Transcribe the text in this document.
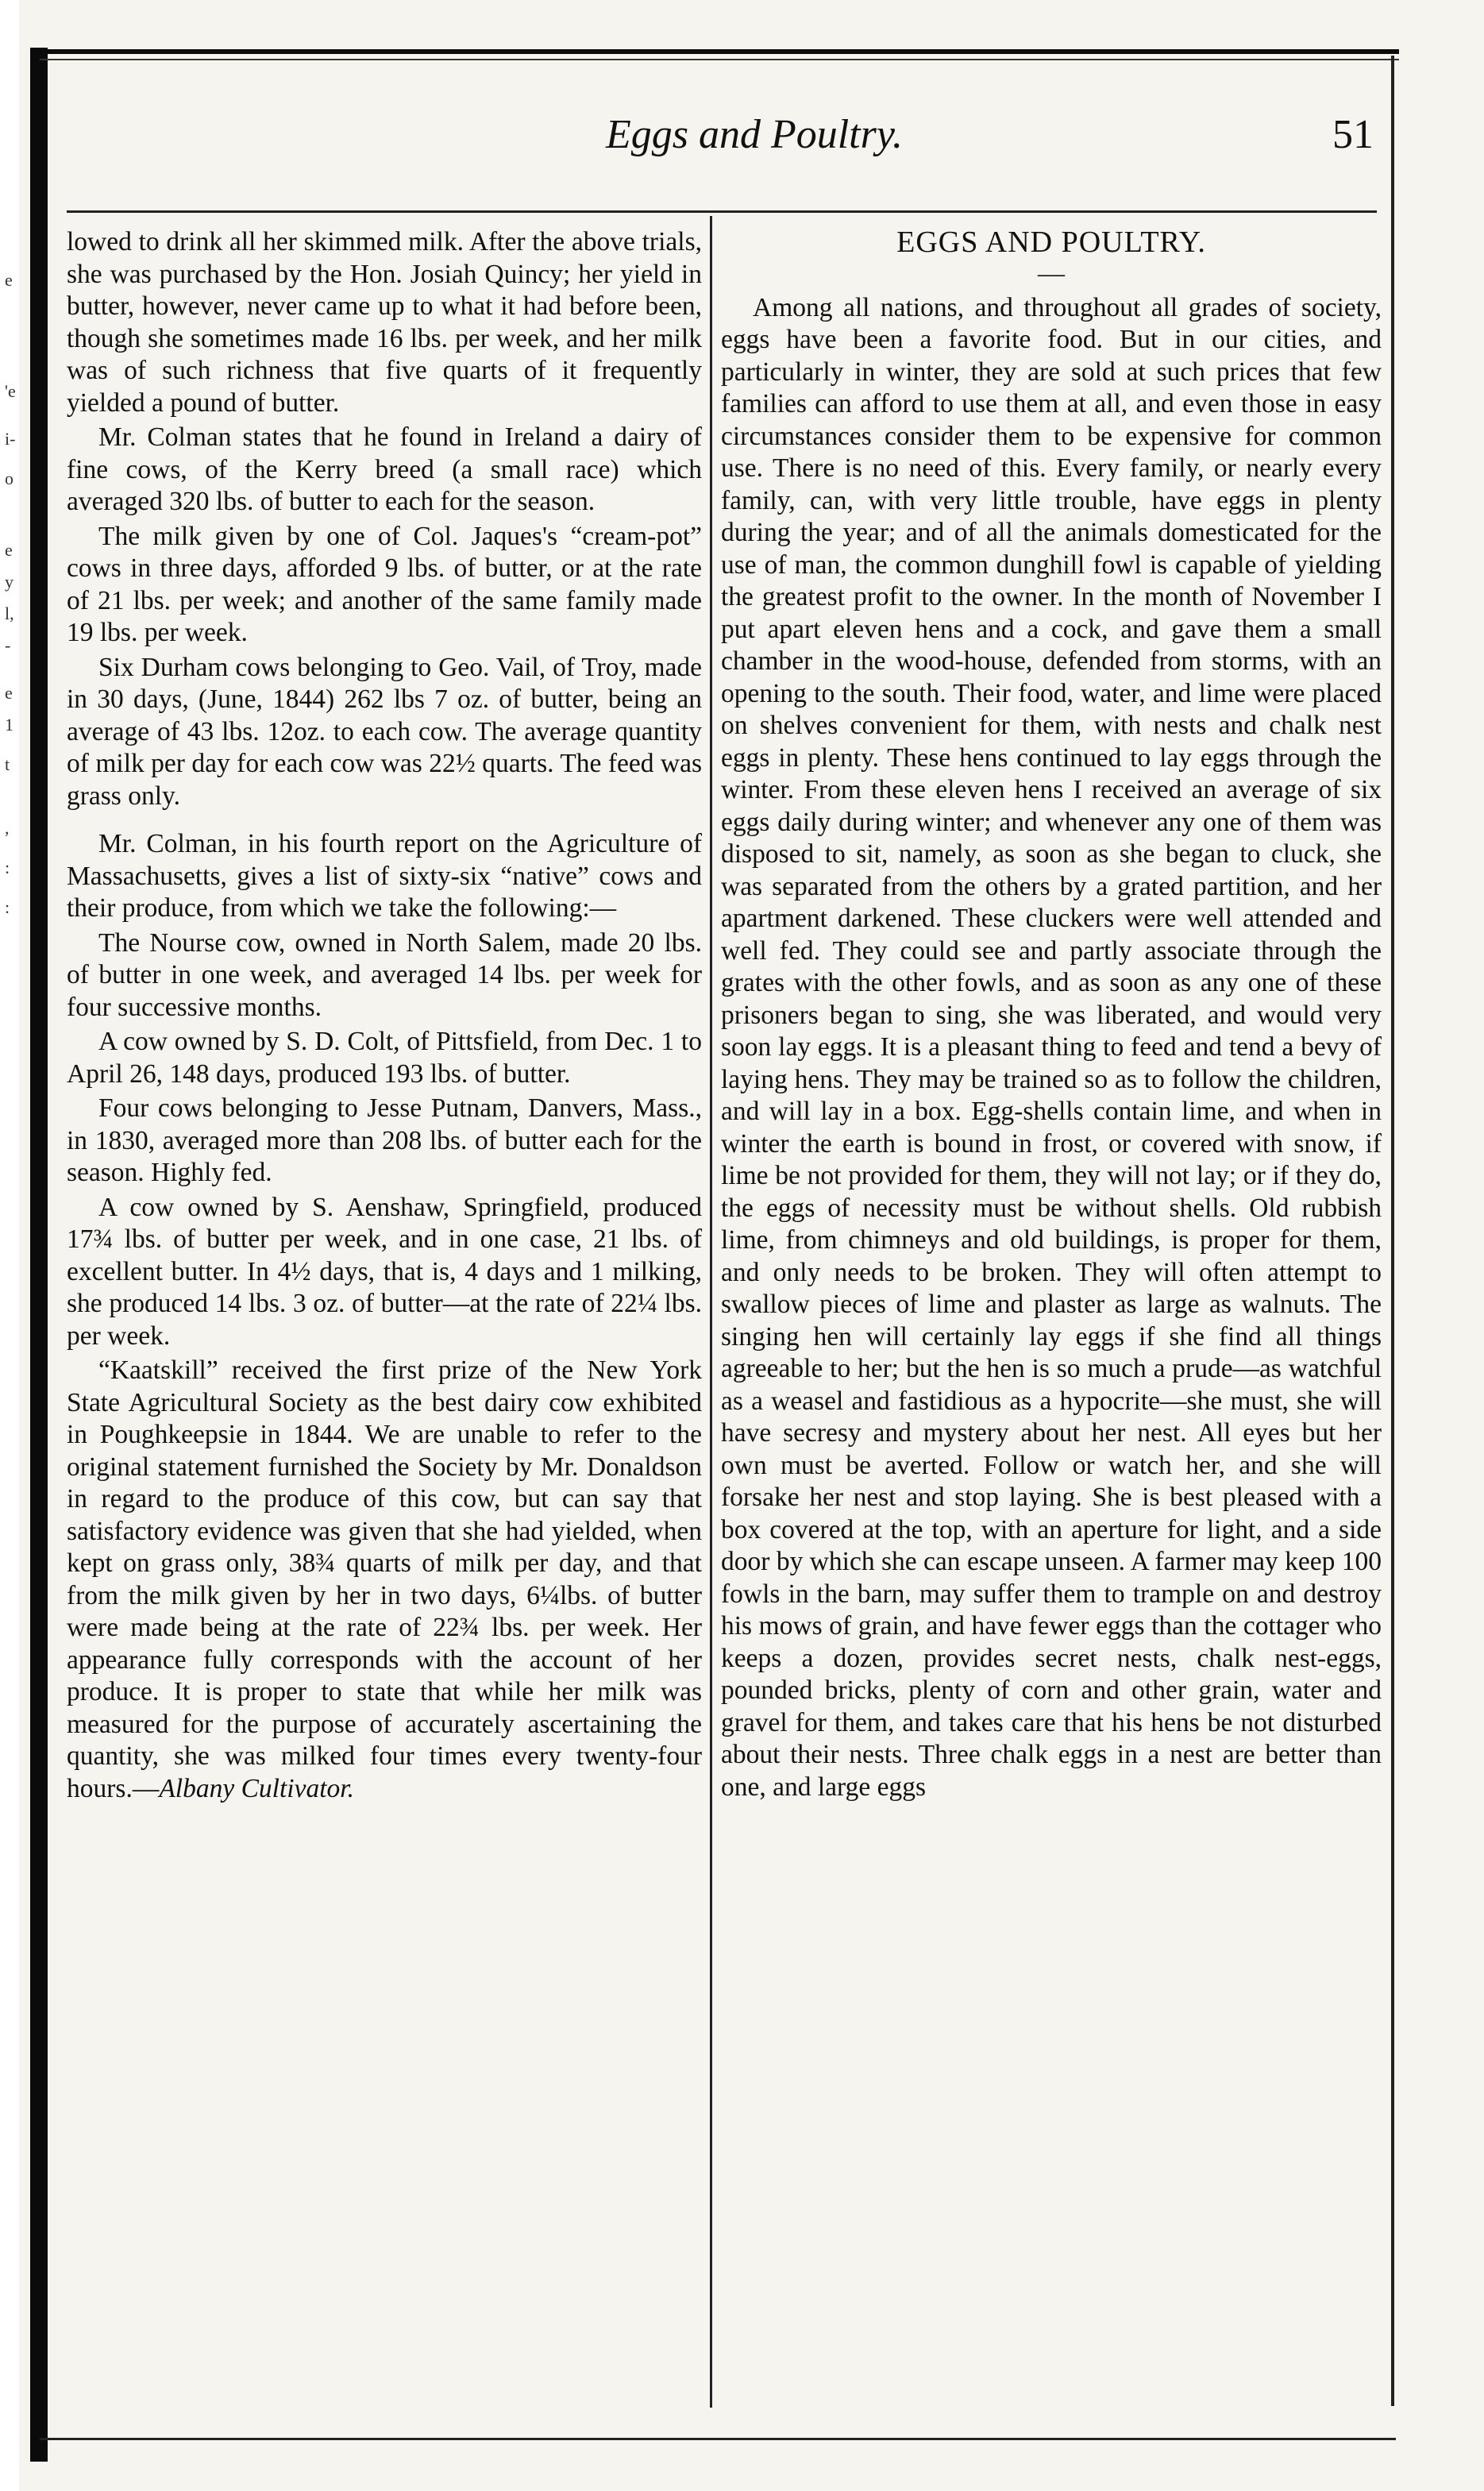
e
'e
i-
o
e
y
l,
-
e
1
t
,
:
:
Eggs and Poultry.	51

lowed to drink all her skimmed milk. After the above trials, she was purchased by the Hon. Josiah Quincy; her yield in butter, however, never came up to what it had before been, though she sometimes made 16 lbs. per week, and her milk was of such richness that five quarts of it frequently yielded a pound of butter.

Mr. Colman states that he found in Ireland a dairy of fine cows, of the Kerry breed (a small race) which averaged 320 lbs. of butter to each for the season.

The milk given by one of Col. Jaques's “cream-pot” cows in three days, afforded 9 lbs. of butter, or at the rate of 21 lbs. per week; and another of the same family made 19 lbs. per week.

Six Durham cows belonging to Geo. Vail, of Troy, made in 30 days, (June, 1844) 262 lbs 7 oz. of butter, being an average of 43 lbs. 12oz. to each cow. The average quantity of milk per day for each cow was 22½ quarts. The feed was grass only.

Mr. Colman, in his fourth report on the Agriculture of Massachusetts, gives a list of sixty-six “native” cows and their produce, from which we take the following:—

The Nourse cow, owned in North Salem, made 20 lbs. of butter in one week, and averaged 14 lbs. per week for four successive months.

A cow owned by S. D. Colt, of Pittsfield, from Dec. 1 to April 26, 148 days, produced 193 lbs. of butter.

Four cows belonging to Jesse Putnam, Danvers, Mass., in 1830, averaged more than 208 lbs. of butter each for the season. Highly fed.

A cow owned by S. Aenshaw, Springfield, produced 17¾ lbs. of butter per week, and in one case, 21 lbs. of excellent butter. In 4½ days, that is, 4 days and 1 milking, she produced 14 lbs. 3 oz. of butter—at the rate of 22¼ lbs. per week.

“Kaatskill” received the first prize of the New York State Agricultural Society as the best dairy cow exhibited in Poughkeepsie in 1844. We are unable to refer to the original statement furnished the Society by Mr. Donaldson in regard to the produce of this cow, but can say that satisfactory evidence was given that she had yielded, when kept on grass only, 38¾ quarts of milk per day, and that from the milk given by her in two days, 6¼lbs. of butter were made being at the rate of 22¾ lbs. per week. Her appearance fully corresponds with the account of her produce. It is proper to state that while her milk was measured for the purpose of accurately ascertaining the quantity, she was milked four times every twenty-four hours.—Albany Cultivator.

EGGS AND POULTRY.
—

Among all nations, and throughout all grades of society, eggs have been a favorite food. But in our cities, and particularly in winter, they are sold at such prices that few families can afford to use them at all, and even those in easy circumstances consider them to be expensive for common use. There is no need of this. Every family, or nearly every family, can, with very little trouble, have eggs in plenty during the year; and of all the animals domesticated for the use of man, the common dunghill fowl is capable of yielding the greatest profit to the owner. In the month of November I put apart eleven hens and a cock, and gave them a small chamber in the wood-house, defended from storms, with an opening to the south. Their food, water, and lime were placed on shelves convenient for them, with nests and chalk nest eggs in plenty. These hens continued to lay eggs through the winter. From these eleven hens I received an average of six eggs daily during winter; and whenever any one of them was disposed to sit, namely, as soon as she began to cluck, she was separated from the others by a grated partition, and her apartment darkened. These cluckers were well attended and well fed. They could see and partly associate through the grates with the other fowls, and as soon as any one of these prisoners began to sing, she was liberated, and would very soon lay eggs. It is a pleasant thing to feed and tend a bevy of laying hens. They may be trained so as to follow the children, and will lay in a box. Egg-shells contain lime, and when in winter the earth is bound in frost, or covered with snow, if lime be not provided for them, they will not lay; or if they do, the eggs of necessity must be without shells. Old rubbish lime, from chimneys and old buildings, is proper for them, and only needs to be broken. They will often attempt to swallow pieces of lime and plaster as large as walnuts. The singing hen will certainly lay eggs if she find all things agreeable to her; but the hen is so much a prude—as watchful as a weasel and fastidious as a hypocrite—she must, she will have secresy and mystery about her nest. All eyes but her own must be averted. Follow or watch her, and she will forsake her nest and stop laying. She is best pleased with a box covered at the top, with an aperture for light, and a side door by which she can escape unseen. A farmer may keep 100 fowls in the barn, may suffer them to trample on and destroy his mows of grain, and have fewer eggs than the cottager who keeps a dozen, provides secret nests, chalk nest-eggs, pounded bricks, plenty of corn and other grain, water and gravel for them, and takes care that his hens be not disturbed about their nests. Three chalk eggs in a nest are better than one, and large eggs
